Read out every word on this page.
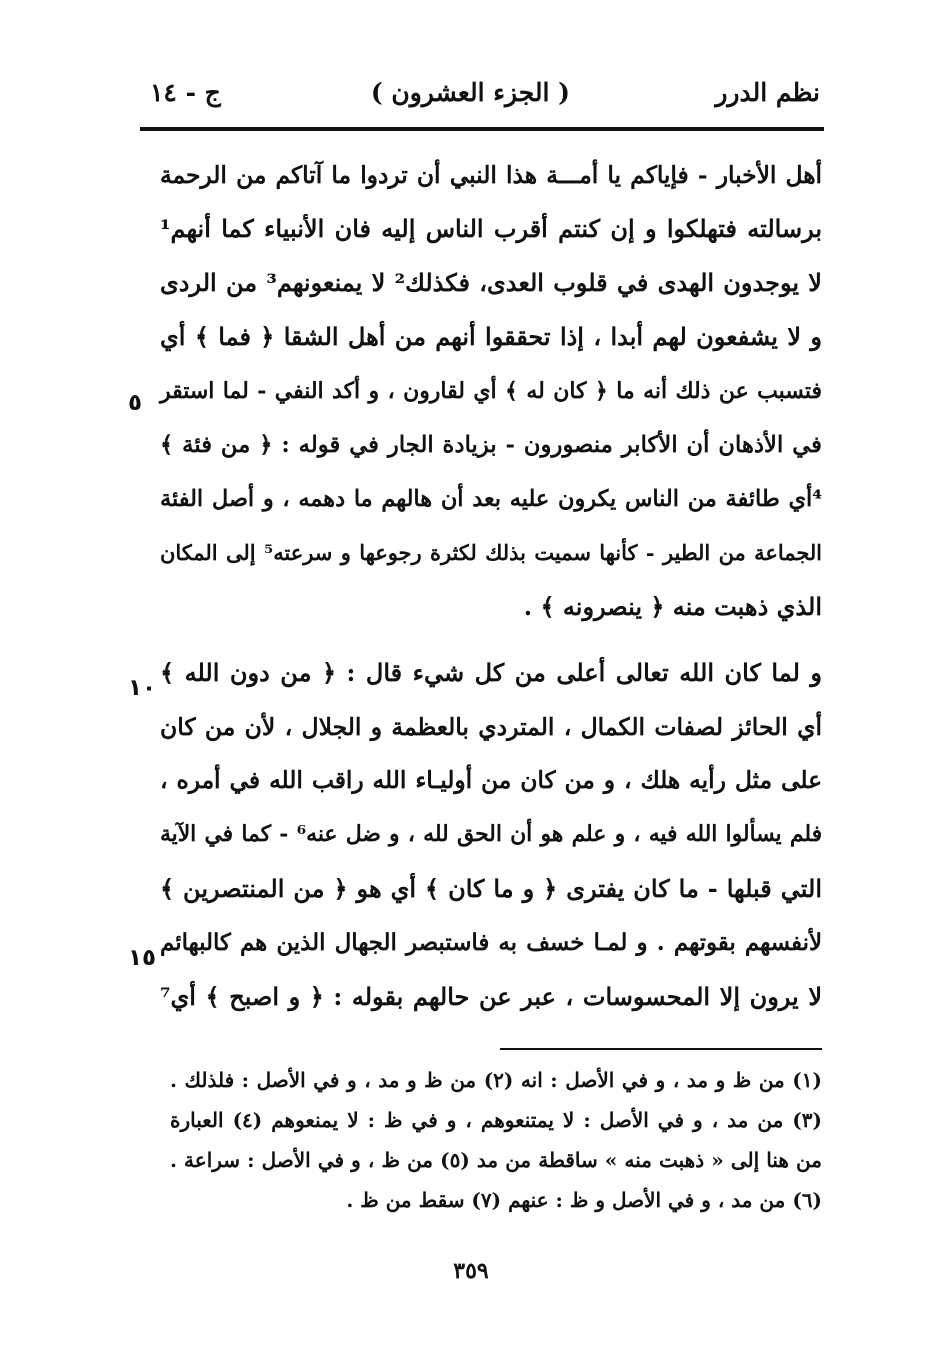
نظم الدرر
( الجزء العشرون )
ج - ١٤
أهل الأخبار - فإياكم يا أمـــة هذا النبي أن تردوا ما آتاكم من الرحمة
برسالته فتهلكوا و إن كنتم أقرب الناس إليه فان الأنبياء كما أنهم¹
لا يوجدون الهدى في قلوب العدى، فكذلك² لا يمنعونهم³ من الردى
و لا يشفعون لهم أبدا ، إذا تحققوا أنهم من أهل الشقا ﴿ فما ﴾ أي
فتسبب عن ذلك أنه ما ﴿ كان له ﴾ أي لقارون ، و أكد النفي - لما استقر
في الأذهان أن الأكابر منصورون - بزيادة الجار في قوله : ﴿ من فئة ﴾
⁴أي طائفة من الناس يكرون عليه بعد أن هالهم ما دهمه ، و أصل الفئة
الجماعة من الطير - كأنها سميت بذلك لكثرة رجوعها و سرعته⁵ إلى المكان
الذي ذهبت منه ﴿ ينصرونه ﴾ .
و لما كان الله تعالى أعلى من كل شيء قال : ﴿ من دون الله ﴾
أي الحائز لصفات الكمال ، المتردي بالعظمة و الجلال ، لأن من كان
على مثل رأيه هلك ، و من كان من أوليـاء الله راقب الله في أمره ،
فلم يسألوا الله فيه ، و علم هو أن الحق لله ، و ضل عنه⁶ - كما في الآية
التي قبلها - ما كان يفترى ﴿ و ما كان ﴾ أي هو ﴿ من المنتصرين ﴾
لأنفسهم بقوتهم . و لمـا خسف به فاستبصر الجهال الذين هم كالبهائم
لا يرون إلا المحسوسات ، عبر عن حالهم بقوله : ﴿ و اصبح ﴾ أي⁷
٥
١٠
١٥
(١) من ظ و مد ، و في الأصل : انه (٢) من ظ و مد ، و في الأصل : فلذلك .
(٣) من مد ، و في الأصل : لا يمتنعوهم ، و في ظ : لا يمنعوهم (٤) العبارة
من هنا إلى « ذهبت منه » ساقطة من مد (٥) من ظ ، و في الأصل : سراعة .
(٦) من مد ، و في الأصل و ظ : عنهم (٧) سقط من ظ .
٣٥٩
